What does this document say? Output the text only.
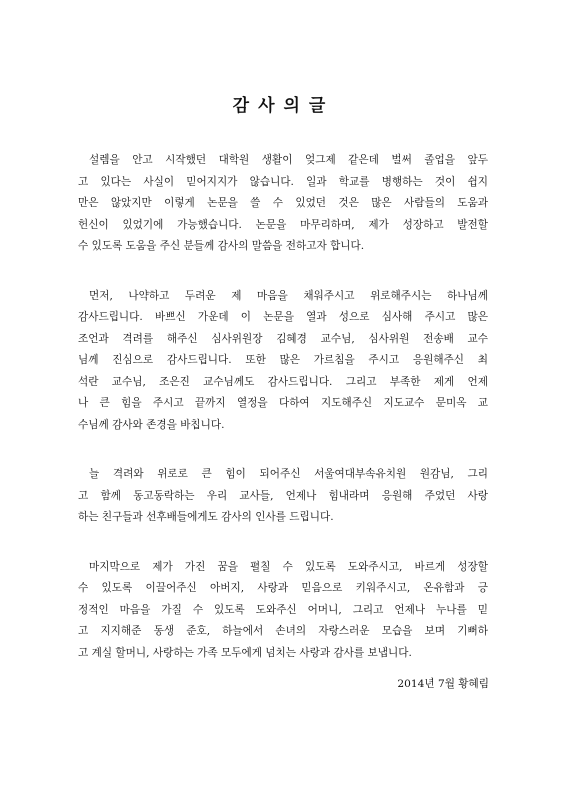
감사의글
설렘을 안고 시작했던 대학원 생활이 엊그제 같은데 벌써 졸업을 앞두
고 있다는 사실이 믿어지지가 않습니다. 일과 학교를 병행하는 것이 쉽지
만은 않았지만 이렇게 논문을 쓸 수 있었던 것은 많은 사람들의 도움과
헌신이 있었기에 가능했습니다. 논문을 마무리하며, 제가 성장하고 발전할
수 있도록 도움을 주신 분들께 감사의 말씀을 전하고자 합니다.
먼저, 나약하고 두려운 제 마음을 채워주시고 위로해주시는 하나님께
감사드립니다. 바쁘신 가운데 이 논문을 열과 성으로 심사해 주시고 많은
조언과 격려를 해주신 심사위원장 김혜경 교수님, 심사위원 전송배 교수
님께 진심으로 감사드립니다. 또한 많은 가르침을 주시고 응원해주신 최
석란 교수님, 조은진 교수님께도 감사드립니다. 그리고 부족한 제게 언제
나 큰 힘을 주시고 끝까지 열정을 다하여 지도해주신 지도교수 문미옥 교
수님께 감사와 존경을 바칩니다.
늘 격려와 위로로 큰 힘이 되어주신 서울여대부속유치원 원감님, 그리
고 함께 동고동락하는 우리 교사들, 언제나 힘내라며 응원해 주었던 사랑
하는 친구들과 선후배들에게도 감사의 인사를 드립니다.
마지막으로 제가 가진 꿈을 펼칠 수 있도록 도와주시고, 바르게 성장할
수 있도록 이끌어주신 아버지, 사랑과 믿음으로 키워주시고, 온유함과 긍
정적인 마음을 가질 수 있도록 도와주신 어머니, 그리고 언제나 누나를 믿
고 지지해준 동생 준호, 하늘에서 손녀의 자랑스러운 모습을 보며 기뻐하
고 계실 할머니, 사랑하는 가족 모두에게 넘치는 사랑과 감사를 보냅니다.
2014년 7월 황혜림
